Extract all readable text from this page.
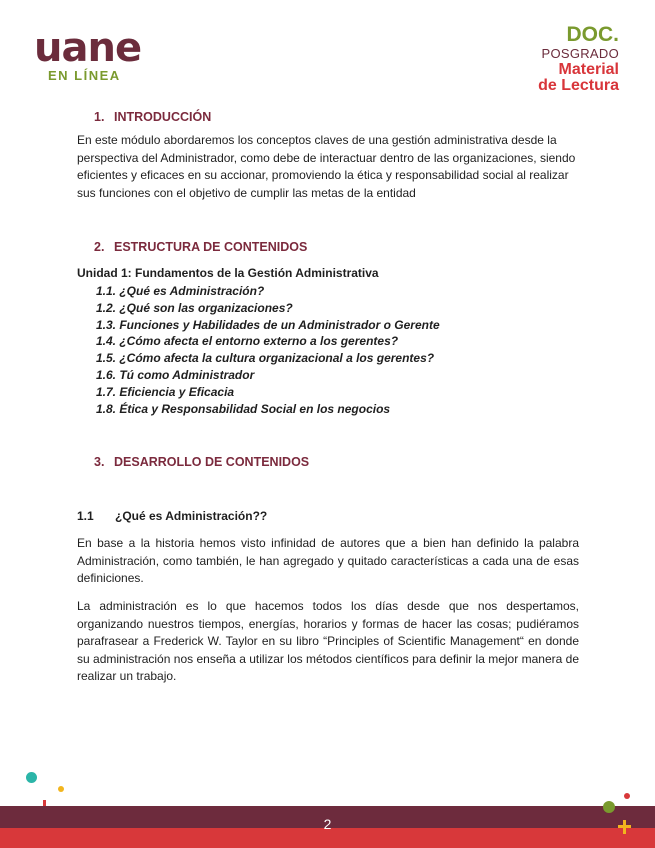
uane
EN LÍNEA
DOC.
POSGRADO
Material
de Lectura
1. INTRODUCCIÓN
En este módulo abordaremos los conceptos claves de una gestión administrativa desde la perspectiva del Administrador, como debe de interactuar dentro de las organizaciones, siendo eficientes y eficaces en su accionar, promoviendo la ética y responsabilidad social al realizar sus funciones con el objetivo de cumplir las metas de la entidad
2. ESTRUCTURA DE CONTENIDOS
Unidad 1: Fundamentos de la Gestión Administrativa
1.1. ¿Qué es Administración?
1.2. ¿Qué son las organizaciones?
1.3. Funciones y Habilidades de un Administrador o Gerente
1.4. ¿Cómo afecta el entorno externo a los gerentes?
1.5. ¿Cómo afecta la cultura organizacional a los gerentes?
1.6. Tú como Administrador
1.7. Eficiencia y Eficacia
1.8. Ética y Responsabilidad Social en los negocios
3. DESARROLLO DE CONTENIDOS
1.1 ¿Qué es Administración??
En base a la historia hemos visto infinidad de autores que a bien han definido la palabra Administración, como también, le han agregado y quitado características a cada una de esas definiciones.
La administración es lo que hacemos todos los días desde que nos despertamos, organizando nuestros tiempos, energías, horarios y formas de hacer las cosas; pudiéramos parafrasear a Frederick W. Taylor en su libro “Principles of Scientific Management“ en donde su administración nos enseña a utilizar los métodos científicos para definir la mejor manera de realizar un trabajo.
2
